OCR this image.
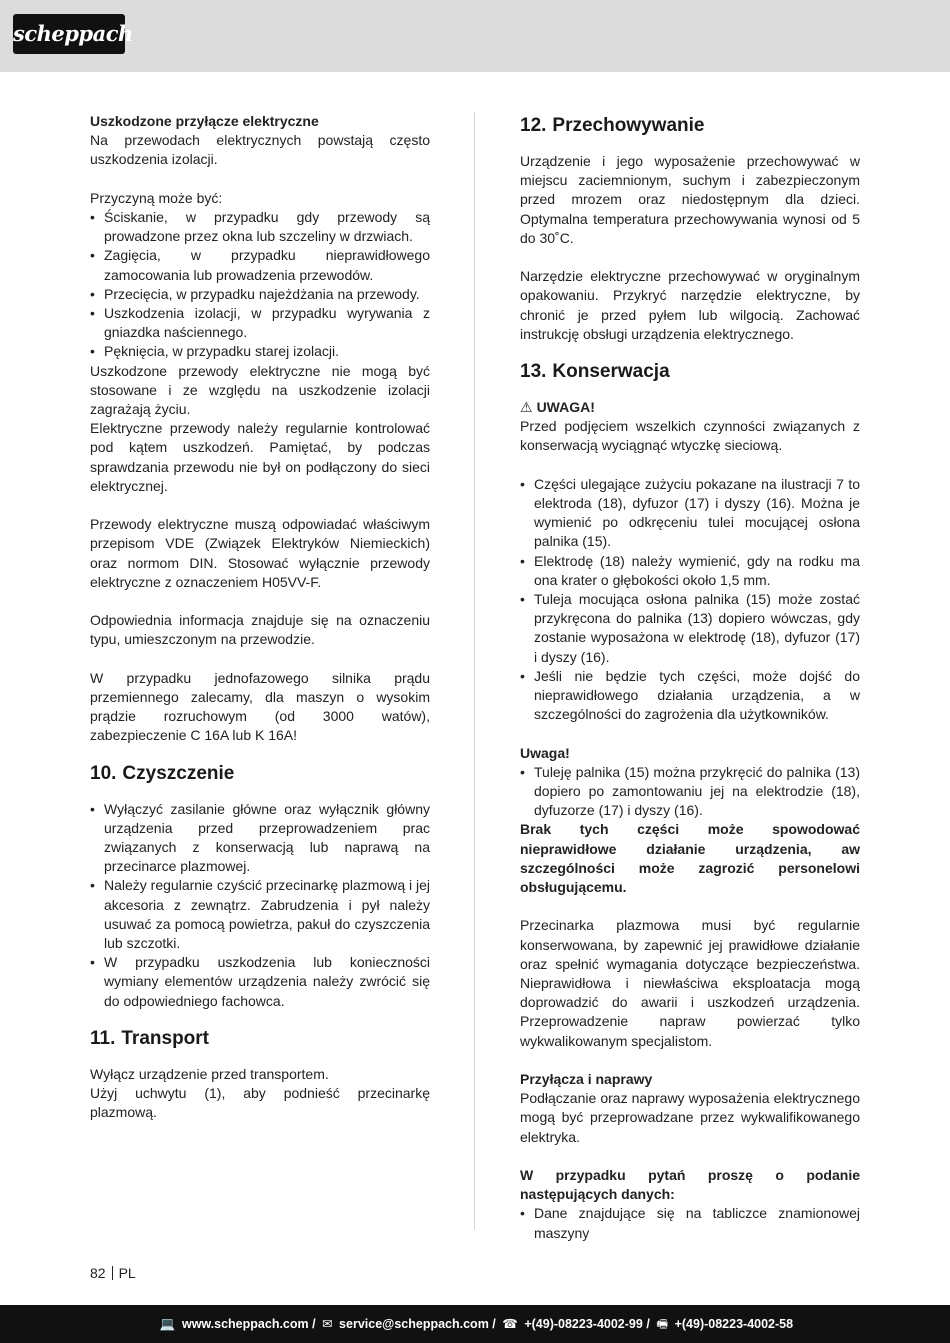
scheppach

Uszkodzone przyłącze elektryczne

Na przewodach elektrycznych powstają często uszkodzenia izolacji.

Przyczyną może być:

• Ściskanie, w przypadku gdy przewody są prowadzone przez okna lub szczeliny w drzwiach.
• Zagięcia, w przypadku nieprawidłowego zamocowania lub prowadzenia przewodów.
• Przecięcia, w przypadku najeżdżania na przewody.
• Uszkodzenia izolacji, w przypadku wyrywania z gniazdka naściennego.
• Pęknięcia, w przypadku starej izolacji.

Uszkodzone przewody elektryczne nie mogą być stosowane i ze względu na uszkodzenie izolacji zagrażają życiu.

Elektryczne przewody należy regularnie kontrolować pod kątem uszkodzeń. Pamiętać, by podczas sprawdzania przewodu nie był on podłączony do sieci elektrycznej.

Przewody elektryczne muszą odpowiadać właściwym przepisom VDE (Związek Elektryków Niemieckich) oraz normom DIN. Stosować wyłącznie przewody elektryczne z oznaczeniem H05VV-F.

Odpowiednia informacja znajduje się na oznaczeniu typu, umieszczonym na przewodzie.

W przypadku jednofazowego silnika prądu przemiennego zalecamy, dla maszyn o wysokim prądzie rozruchowym (od 3000 watów), zabezpieczenie C 16A lub K 16A!

10. Czyszczenie
• Wyłączyć zasilanie główne oraz wyłącznik główny urządzenia przed przeprowadzeniem prac związanych z konserwacją lub naprawą na przecinarce plazmowej.
• Należy regularnie czyścić przecinarkę plazmową i jej akcesoria z zewnątrz. Zabrudzenia i pył należy usuwać za pomocą powietrza, pakuł do czyszczenia lub szczotki.
• W przypadku uszkodzenia lub konieczności wymiany elementów urządzenia należy zwrócić się do odpowiedniego fachowca.
11. Transport

Wyłącz urządzenie przed transportem.

Użyj uchwytu (1), aby podnieść przecinarkę plazmową.

12. Przechowywanie

Urządzenie i jego wyposażenie przechowywać w miejscu zaciemnionym, suchym i zabezpieczonym przed mrozem oraz niedostępnym dla dzieci. Optymalna temperatura przechowywania wynosi od 5 do 30˚C.

Narzędzie elektryczne przechowywać w oryginalnym opakowaniu. Przykryć narzędzie elektryczne, by chronić je przed pyłem lub wilgocią. Zachować instrukcję obsługi urządzenia elektrycznego.

13. Konserwacja

⚠ UWAGA!

Przed podjęciem wszelkich czynności związanych z konserwacją wyciągnąć wtyczkę sieciową.

• Części ulegające zużyciu pokazane na ilustracji 7 to elektroda (18), dyfuzor (17) i dyszy (16). Można je wymienić po odkręceniu tulei mocującej osłona palnika (15).
• Elektrodę (18) należy wymienić, gdy na rodku ma ona krater o głębokości około 1,5 mm.
• Tuleja mocująca osłona palnika (15) może zostać przykręcona do palnika (13) dopiero wówczas, gdy zostanie wyposażona w elektrodę (18), dyfuzor (17) i dyszy (16).
• Jeśli nie będzie tych części, może dojść do nieprawidłowego działania urządzenia, a w szczególności do zagrożenia dla użytkowników.

Uwaga!

• Tuleję palnika (15) można przykręcić do palnika (13) dopiero po zamontowaniu jej na elektrodzie (18), dyfuzorze (17) i dyszy (16).

Brak tych części może spowodować nieprawidłowe działanie urządzenia, aw szczególności może zagrozić personelowi obsługującemu.

Przecinarka plazmowa musi być regularnie konserwowana, by zapewnić jej prawidłowe działanie oraz spełnić wymagania dotyczące bezpieczeństwa. Nieprawidłowa i niewłaściwa eksploatacja mogą doprowadzić do awarii i uszkodzeń urządzenia. Przeprowadzenie napraw powierzać tylko wykwalikowanym specjalistom.

Przyłącza i naprawy

Podłączanie oraz naprawy wyposażenia elektrycznego mogą być przeprowadzane przez wykwalifikowanego elektryka.

W przypadku pytań proszę o podanie następujących danych:

• Dane znajdujące się na tabliczce znamionowej maszyny
82 PL
💻 www.scheppach.com / ✉ service@scheppach.com / ☎ +(49)-08223-4002-99 / 🖷 +(49)-08223-4002-58
